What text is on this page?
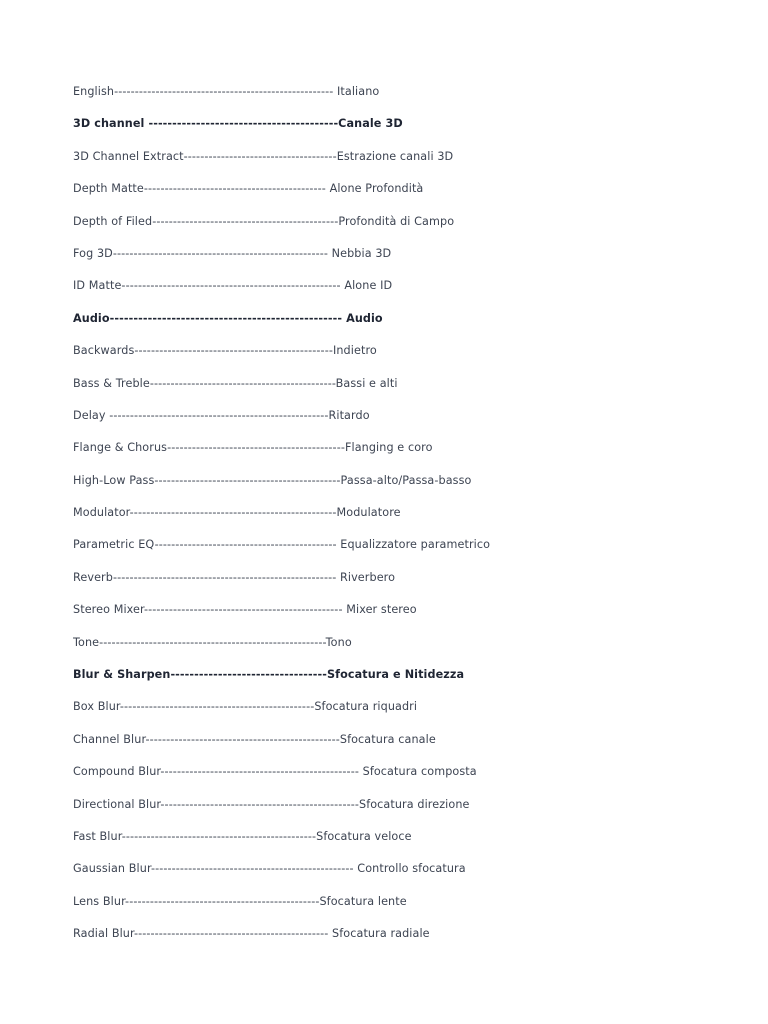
English----------------------------------------------------- Italiano
3D channel ----------------------------------------Canale 3D
3D Channel Extract-------------------------------------Estrazione canali 3D
Depth Matte-------------------------------------------- Alone Profondità
Depth of Filed---------------------------------------------Profondità di Campo
Fog 3D---------------------------------------------------- Nebbia 3D
ID Matte----------------------------------------------------- Alone ID
Audio------------------------------------------------- Audio
Backwards------------------------------------------------Indietro
Bass & Treble---------------------------------------------Bassi e alti
Delay -----------------------------------------------------Ritardo
Flange & Chorus-------------------------------------------Flanging e coro
High-Low Pass---------------------------------------------Passa-alto/Passa-basso
Modulator--------------------------------------------------Modulatore
Parametric EQ-------------------------------------------- Equalizzatore parametrico
Reverb------------------------------------------------------ Riverbero
Stereo Mixer------------------------------------------------ Mixer stereo
Tone-------------------------------------------------------Tono
Blur & Sharpen---------------------------------Sfocatura e Nitidezza
Box Blur-----------------------------------------------Sfocatura riquadri
Channel Blur-----------------------------------------------Sfocatura canale
Compound Blur------------------------------------------------ Sfocatura composta
Directional Blur------------------------------------------------Sfocatura direzione
Fast Blur-----------------------------------------------Sfocatura veloce
Gaussian Blur------------------------------------------------- Controllo sfocatura
Lens Blur-----------------------------------------------Sfocatura lente
Radial Blur----------------------------------------------- Sfocatura radiale
